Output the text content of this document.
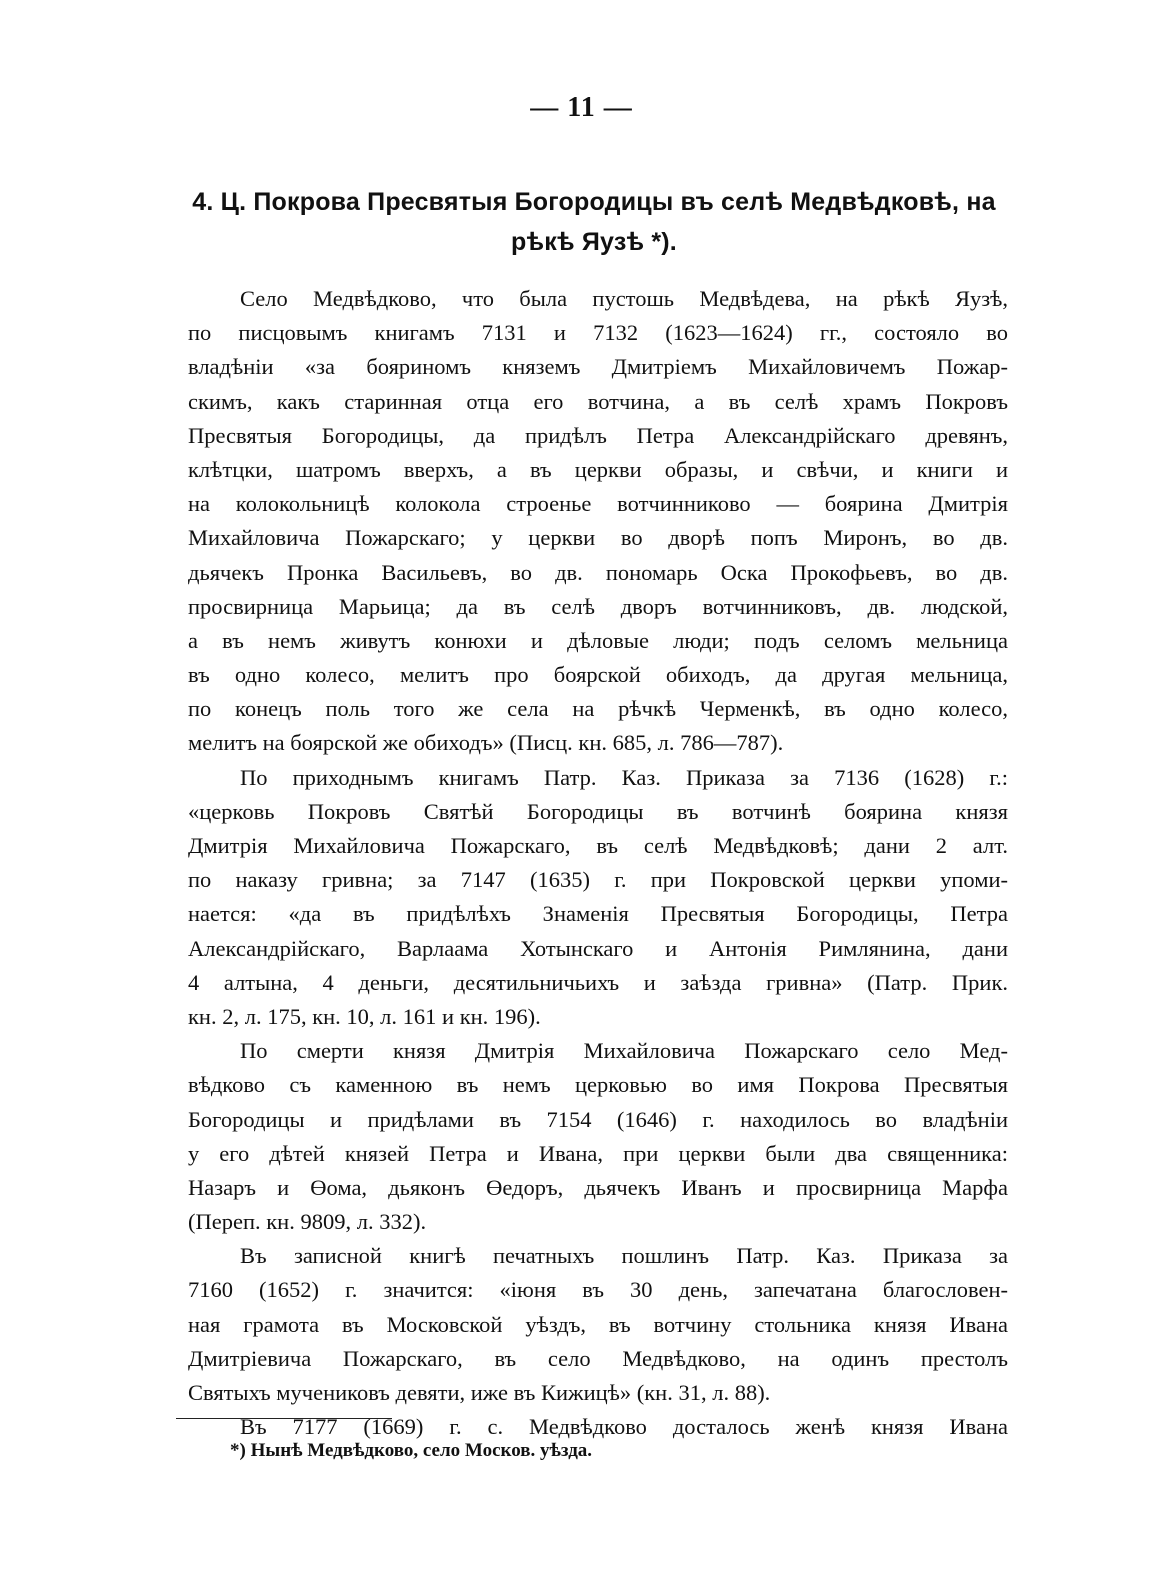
— 11 —
4. Ц. Покрова Пресвятыя Богородицы въ селѣ Медвѣдковѣ, на
рѣкѣ Яузѣ *).
Село Медвѣдково, что была пустошь Медвѣдева, на рѣкѣ Яузѣ,
по писцовымъ книгамъ 7131 и 7132 (1623—1624) гг., состояло во
владѣнiи «за бояриномъ княземъ Дмитрiемъ Михайловичемъ Пожар-
скимъ, какъ старинная отца его вотчина, а въ селѣ храмъ Покровъ
Пресвятыя Богородицы, да придѣлъ Петра Александрiйскаго древянъ,
клѣтцки, шатромъ вверхъ, а въ церкви образы, и свѣчи, и книги и
на колокольницѣ колокола строенье вотчинниково — боярина Дмитрiя
Михайловича Пожарскаго; у церкви во дворѣ попъ Миронъ, во дв.
дьячекъ Пронка Васильевъ, во дв. пономарь Оска Прокофьевъ, во дв.
просвирница Марьица; да въ селѣ дворъ вотчинниковъ, дв. людской,
а въ немъ живутъ конюхи и дѣловые люди; подъ селомъ мельница
въ одно колесо, мелитъ про боярской обиходъ, да другая мельница,
по конецъ поль того же села на рѣчкѣ Черменкѣ, въ одно колесо,
мелитъ на боярской же обиходъ» (Писц. кн. 685, л. 786—787).
По приходнымъ книгамъ Патр. Каз. Приказа за 7136 (1628) г.:
«церковь Покровъ Святѣй Богородицы въ вотчинѣ боярина князя
Дмитрiя Михайловича Пожарскаго, въ селѣ Медвѣдковѣ; дани 2 алт.
по наказу гривна; за 7147 (1635) г. при Покровской церкви упоми-
нается: «да въ придѣлѣхъ Знаменiя Пресвятыя Богородицы, Петра
Александрiйскаго, Варлаама Хотынскаго и Антонiя Римлянина, дани
4 алтына, 4 деньги, десятильничьихъ и заѣзда гривна» (Патр. Прик.
кн. 2, л. 175, кн. 10, л. 161 и кн. 196).
По смерти князя Дмитрiя Михайловича Пожарскаго село Мед-
вѣдково съ каменною въ немъ церковью во имя Покрова Пресвятыя
Богородицы и придѣлами въ 7154 (1646) г. находилось во владѣнiи
у его дѣтей князей Петра и Ивана, при церкви были два священника:
Назаръ и Өома, дьяконъ Өедоръ, дьячекъ Иванъ и просвирница Марфа
(Переп. кн. 9809, л. 332).
Въ записной книгѣ печатныхъ пошлинъ Патр. Каз. Приказа за
7160 (1652) г. значится: «iюня въ 30 день, запечатана благословен-
ная грамота въ Московской уѣздъ, въ вотчину стольника князя Ивана
Дмитрiевича Пожарскаго, въ село Медвѣдково, на одинъ престолъ
Святыхъ мучениковъ девяти, иже въ Кижицѣ» (кн. 31, л. 88).
Въ 7177 (1669) г. с. Медвѣдково досталось женѣ князя Ивана
*) Нынѣ Медвѣдково, село Москов. уѣзда.
